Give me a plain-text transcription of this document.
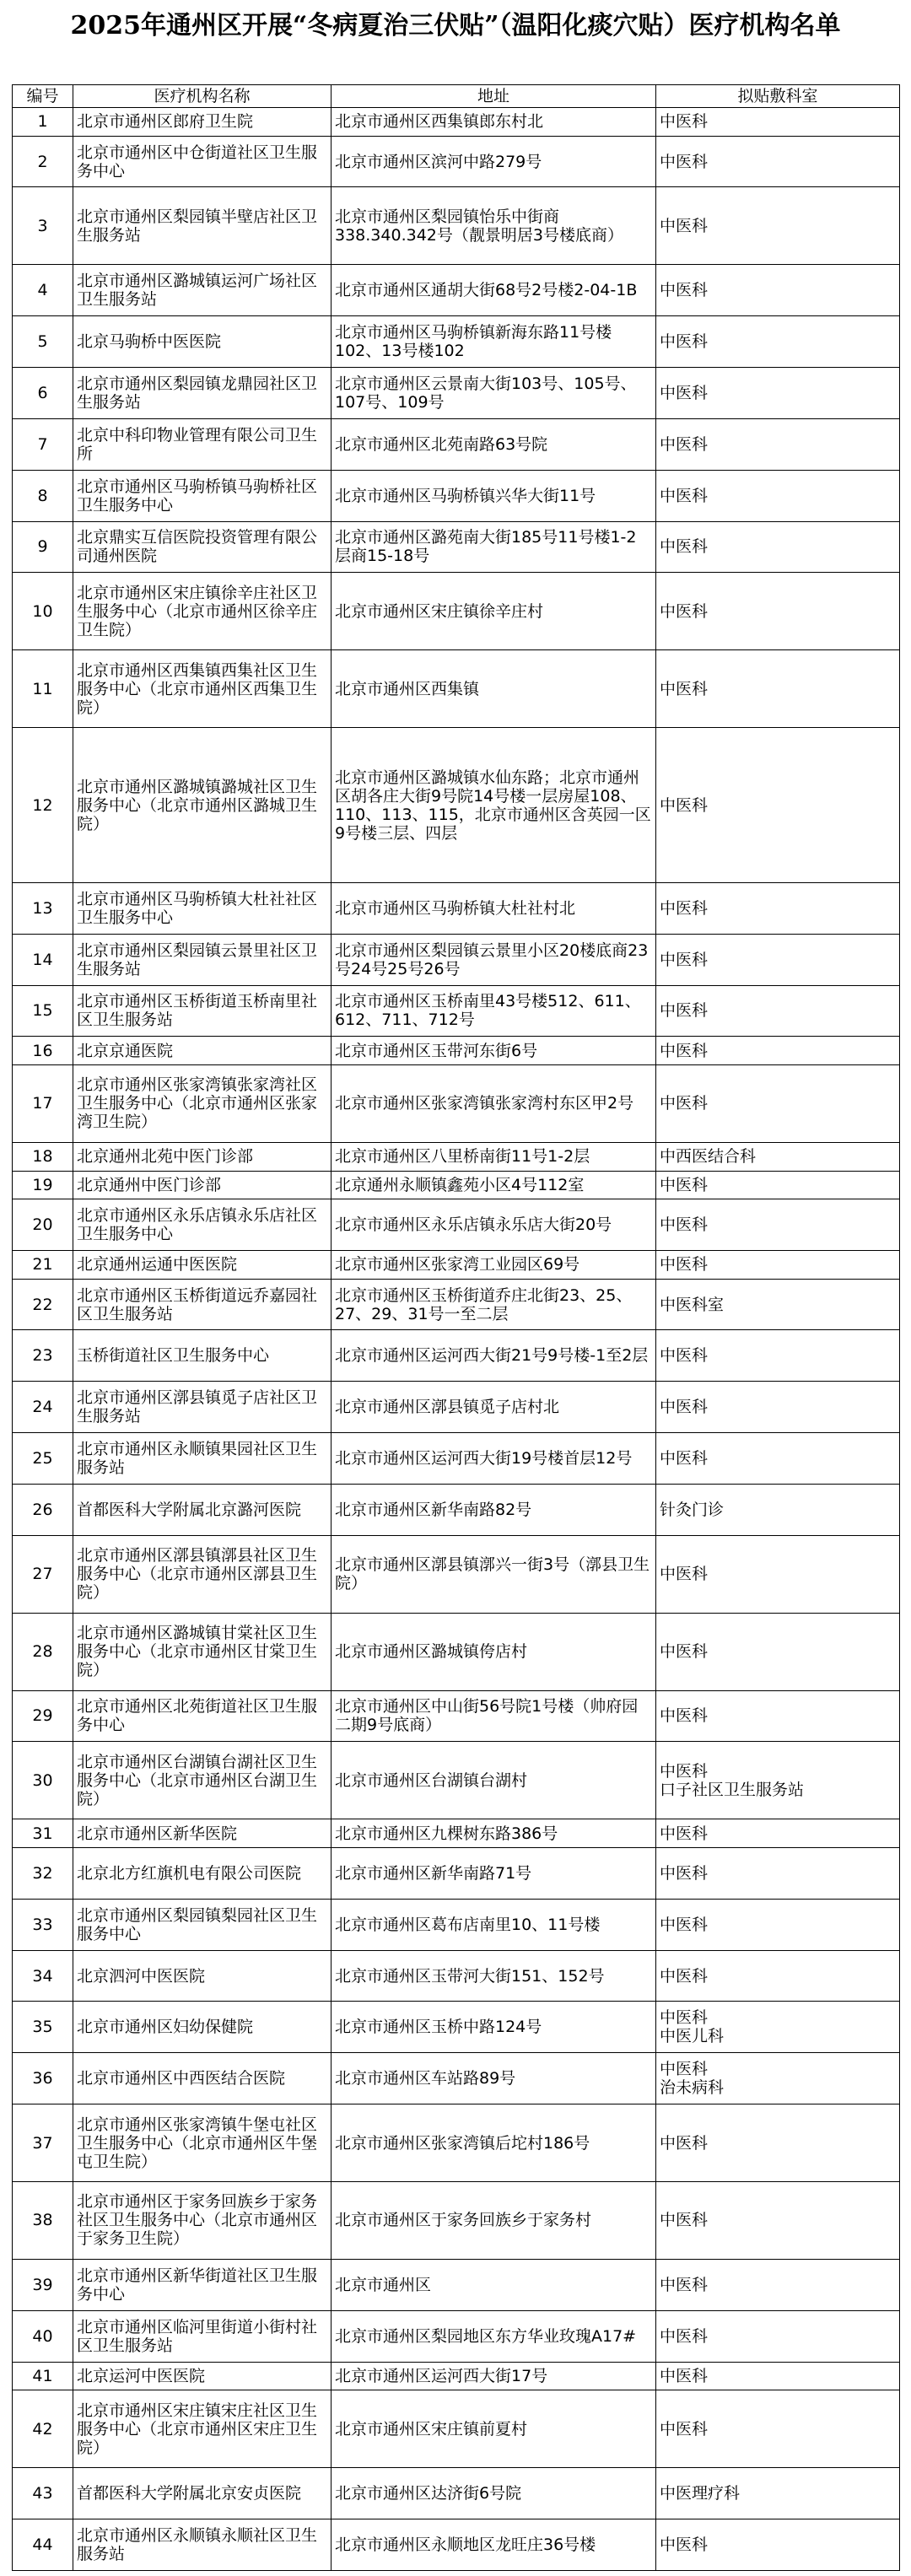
2025年通州区开展“冬病夏治三伏贴”（温阳化痰穴贴）医疗机构名单
编号	医疗机构名称	地址	拟贴敷科室
1	北京市通州区郎府卫生院	北京市通州区西集镇郎东村北	中医科
2	北京市通州区中仓街道社区卫生服务中心	北京市通州区滨河中路279号	中医科
3	北京市通州区梨园镇半壁店社区卫生服务站	北京市通州区梨园镇怡乐中街商338.340.342号（靓景明居3号楼底商）	中医科
4	北京市通州区潞城镇运河广场社区卫生服务站	北京市通州区通胡大街68号2号楼2-04-1B	中医科
5	北京马驹桥中医医院	北京市通州区马驹桥镇新海东路11号楼102、13号楼102	中医科
6	北京市通州区梨园镇龙鼎园社区卫生服务站	北京市通州区云景南大街103号、105号、107号、109号	中医科
7	北京中科印物业管理有限公司卫生所	北京市通州区北苑南路63号院	中医科
8	北京市通州区马驹桥镇马驹桥社区卫生服务中心	北京市通州区马驹桥镇兴华大街11号	中医科
9	北京鼎实互信医院投资管理有限公司通州医院	北京市通州区潞苑南大街185号11号楼1-2层商15-18号	中医科
10	北京市通州区宋庄镇徐辛庄社区卫生服务中心（北京市通州区徐辛庄卫生院）	北京市通州区宋庄镇徐辛庄村	中医科
11	北京市通州区西集镇西集社区卫生服务中心（北京市通州区西集卫生院）	北京市通州区西集镇	中医科
12	北京市通州区潞城镇潞城社区卫生服务中心（北京市通州区潞城卫生院）	北京市通州区潞城镇水仙东路；北京市通州区胡各庄大街9号院14号楼一层房屋108、110、113、115，北京市通州区含英园一区9号楼三层、四层	中医科
13	北京市通州区马驹桥镇大杜社社区卫生服务中心	北京市通州区马驹桥镇大杜社村北	中医科
14	北京市通州区梨园镇云景里社区卫生服务站	北京市通州区梨园镇云景里小区20楼底商23号24号25号26号	中医科
15	北京市通州区玉桥街道玉桥南里社区卫生服务站	北京市通州区玉桥南里43号楼512、611、612、711、712号	中医科
16	北京京通医院	北京市通州区玉带河东街6号	中医科
17	北京市通州区张家湾镇张家湾社区卫生服务中心（北京市通州区张家湾卫生院）	北京市通州区张家湾镇张家湾村东区甲2号	中医科
18	北京通州北苑中医门诊部	北京市通州区八里桥南街11号1-2层	中西医结合科
19	北京通州中医门诊部	北京通州永顺镇鑫苑小区4号112室	中医科
20	北京市通州区永乐店镇永乐店社区卫生服务中心	北京市通州区永乐店镇永乐店大街20号	中医科
21	北京通州运通中医医院	北京市通州区张家湾工业园区69号	中医科
22	北京市通州区玉桥街道远乔嘉园社区卫生服务站	北京市通州区玉桥街道乔庄北街23、25、27、29、31号一至二层	中医科室
23	玉桥街道社区卫生服务中心	北京市通州区运河西大街21号9号楼-1至2层	中医科
24	北京市通州区漷县镇觅子店社区卫生服务站	北京市通州区漷县镇觅子店村北	中医科
25	北京市通州区永顺镇果园社区卫生服务站	北京市通州区运河西大街19号楼首层12号	中医科
26	首都医科大学附属北京潞河医院	北京市通州区新华南路82号	针灸门诊
27	北京市通州区漷县镇漷县社区卫生服务中心（北京市通州区漷县卫生院）	北京市通州区漷县镇漷兴一街3号（漷县卫生院）	中医科
28	北京市通州区潞城镇甘棠社区卫生服务中心（北京市通州区甘棠卫生院）	北京市通州区潞城镇侉店村	中医科
29	北京市通州区北苑街道社区卫生服务中心	北京市通州区中山街56号院1号楼（帅府园二期9号底商）	中医科
30	北京市通州区台湖镇台湖社区卫生服务中心（北京市通州区台湖卫生院）	北京市通州区台湖镇台湖村	中医科
口子社区卫生服务站
31	北京市通州区新华医院	北京市通州区九棵树东路386号	中医科
32	北京北方红旗机电有限公司医院	北京市通州区新华南路71号	中医科
33	北京市通州区梨园镇梨园社区卫生服务中心	北京市通州区葛布店南里10、11号楼	中医科
34	北京泗河中医医院	北京市通州区玉带河大街151、152号	中医科
35	北京市通州区妇幼保健院	北京市通州区玉桥中路124号	中医科
中医儿科
36	北京市通州区中西医结合医院	北京市通州区车站路89号	中医科
治未病科
37	北京市通州区张家湾镇牛堡屯社区卫生服务中心（北京市通州区牛堡屯卫生院）	北京市通州区张家湾镇后坨村186号	中医科
38	北京市通州区于家务回族乡于家务社区卫生服务中心（北京市通州区于家务卫生院）	北京市通州区于家务回族乡于家务村	中医科
39	北京市通州区新华街道社区卫生服务中心	北京市通州区	中医科
40	北京市通州区临河里街道小街村社区卫生服务站	北京市通州区梨园地区东方华业玫瑰A17#	中医科
41	北京运河中医医院	北京市通州区运河西大街17号	中医科
42	北京市通州区宋庄镇宋庄社区卫生服务中心（北京市通州区宋庄卫生院）	北京市通州区宋庄镇前夏村	中医科
43	首都医科大学附属北京安贞医院	北京市通州区达济街6号院	中医理疗科
44	北京市通州区永顺镇永顺社区卫生服务站	北京市通州区永顺地区龙旺庄36号楼	中医科
